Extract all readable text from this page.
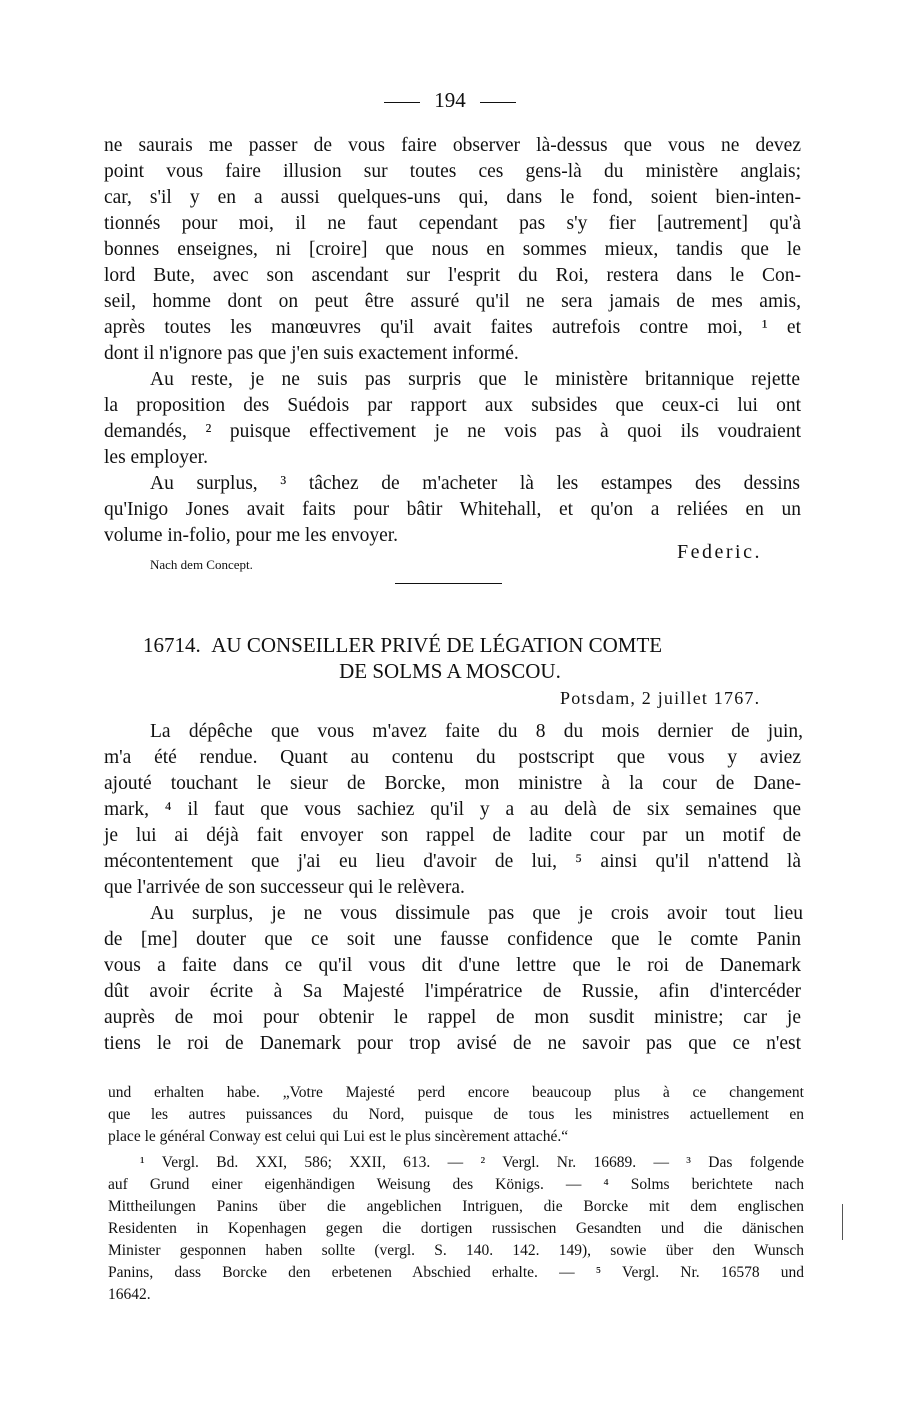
194
ne saurais me passer de vous faire observer là-dessus que vous ne devez
point vous faire illusion sur toutes ces gens-là du ministère anglais;
car, s'il y en a aussi quelques-uns qui, dans le fond, soient bien-inten-
tionnés pour moi, il ne faut cependant pas s'y fier [autrement] qu'à
bonnes enseignes, ni [croire] que nous en sommes mieux, tandis que le
lord Bute, avec son ascendant sur l'esprit du Roi, restera dans le Con-
seil, homme dont on peut être assuré qu'il ne sera jamais de mes amis,
après toutes les manœuvres qu'il avait faites autrefois contre moi, ¹ et
dont il n'ignore pas que j'en suis exactement informé.
Au reste, je ne suis pas surpris que le ministère britannique rejette
la proposition des Suédois par rapport aux subsides que ceux-ci lui ont
demandés, ² puisque effectivement je ne vois pas à quoi ils voudraient
les employer.
Au surplus, ³ tâchez de m'acheter là les estampes des dessins
qu'Inigo Jones avait faits pour bâtir Whitehall, et qu'on a reliées en un
volume in-folio, pour me les envoyer.
Nach dem Concept.
Federic.
16714. AU CONSEILLER PRIVÉ DE LÉGATION COMTE
DE SOLMS A MOSCOU.
Potsdam, 2 juillet 1767.
La dépêche que vous m'avez faite du 8 du mois dernier de juin,
m'a été rendue. Quant au contenu du postscript que vous y aviez
ajouté touchant le sieur de Borcke, mon ministre à la cour de Dane-
mark, ⁴ il faut que vous sachiez qu'il y a au delà de six semaines que
je lui ai déjà fait envoyer son rappel de ladite cour par un motif de
mécontentement que j'ai eu lieu d'avoir de lui, ⁵ ainsi qu'il n'attend là
que l'arrivée de son successeur qui le relèvera.
Au surplus, je ne vous dissimule pas que je crois avoir tout lieu
de [me] douter que ce soit une fausse confidence que le comte Panin
vous a faite dans ce qu'il vous dit d'une lettre que le roi de Danemark
dût avoir écrite à Sa Majesté l'impératrice de Russie, afin d'intercéder
auprès de moi pour obtenir le rappel de mon susdit ministre; car je
tiens le roi de Danemark pour trop avisé de ne savoir pas que ce n'est
und erhalten habe. „Votre Majesté perd encore beaucoup plus à ce changement
que les autres puissances du Nord, puisque de tous les ministres actuellement en
place le général Conway est celui qui Lui est le plus sincèrement attaché.“
¹ Vergl. Bd. XXI, 586; XXII, 613. — ² Vergl. Nr. 16689. — ³ Das folgende
auf Grund einer eigenhändigen Weisung des Königs. — ⁴ Solms berichtete nach
Mittheilungen Panins über die angeblichen Intriguen, die Borcke mit dem englischen
Residenten in Kopenhagen gegen die dortigen russischen Gesandten und die dänischen
Minister gesponnen haben sollte (vergl. S. 140. 142. 149), sowie über den Wunsch
Panins, dass Borcke den erbetenen Abschied erhalte. — ⁵ Vergl. Nr. 16578 und
16642.
